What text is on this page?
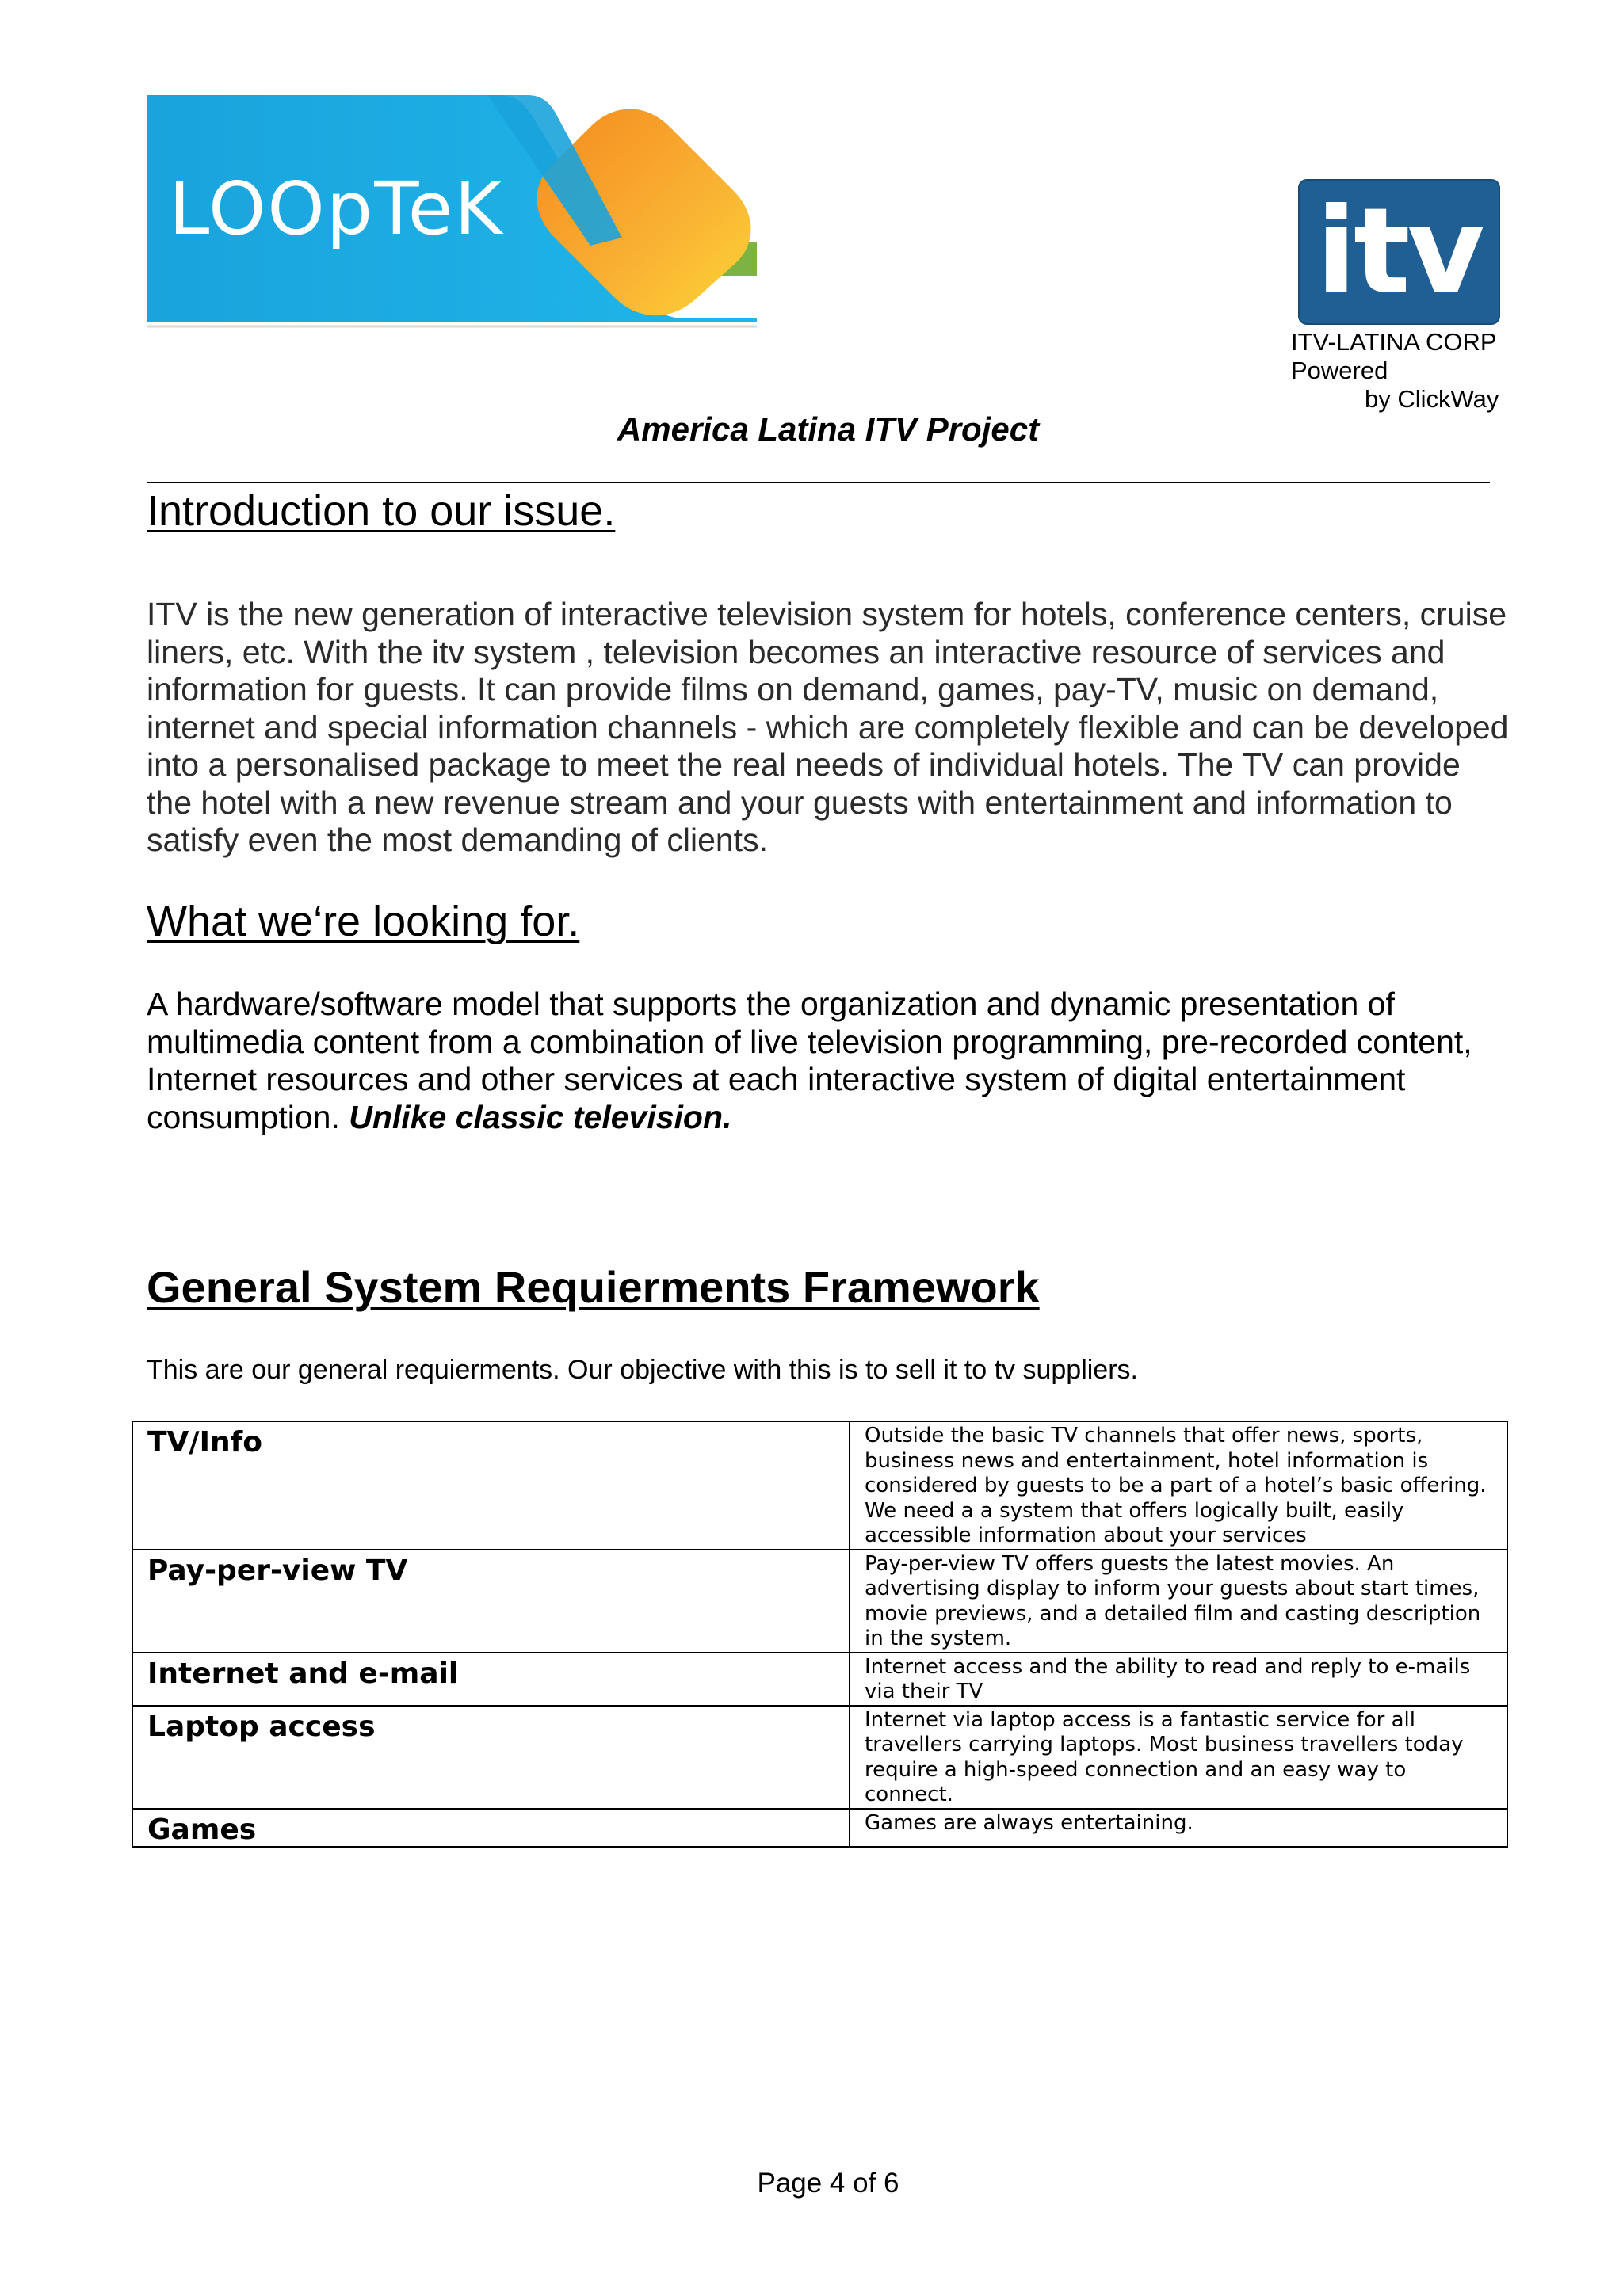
LOOpTeK	itv
ITV-LATINA CORP
Powered
by ClickWay
America Latina ITV Project
Introduction to our issue.

ITV is the new generation of interactive television system for hotels, conference centers, cruise liners, etc. With the itv system , television becomes an interactive resource of services and information for guests. It can provide films on demand, games, pay-TV, music on demand, internet and special information channels - which are completely flexible and can be developed into a personalised package to meet the real needs of individual hotels. The TV can provide the hotel with a new revenue stream and your guests with entertainment and information to satisfy even the most demanding of clients.

What we‘re looking for.

A hardware/software model that supports the organization and dynamic presentation of multimedia content from a combination of live television programming, pre-recorded content, Internet resources and other services at each interactive system of digital entertainment consumption. Unlike classic television.

General System Requierments Framework

This are our general requierments. Our objective with this is to sell it to tv suppliers.

TV/Info	Outside the basic TV channels that offer news, sports, business news and entertainment, hotel information is considered by guests to be a part of a hotel’s basic offering. We need a a system that offers logically built, easily accessible information about your services
Pay-per-view TV	Pay-per-view TV offers guests the latest movies. An advertising display to inform your guests about start times, movie previews, and a detailed film and casting description in the system.
Internet and e-mail	Internet access and the ability to read and reply to e-mails via their TV
Laptop access	Internet via laptop access is a fantastic service for all travellers carrying laptops. Most business travellers today require a high-speed connection and an easy way to connect.
Games	Games are always entertaining.
Page 4 of 6
